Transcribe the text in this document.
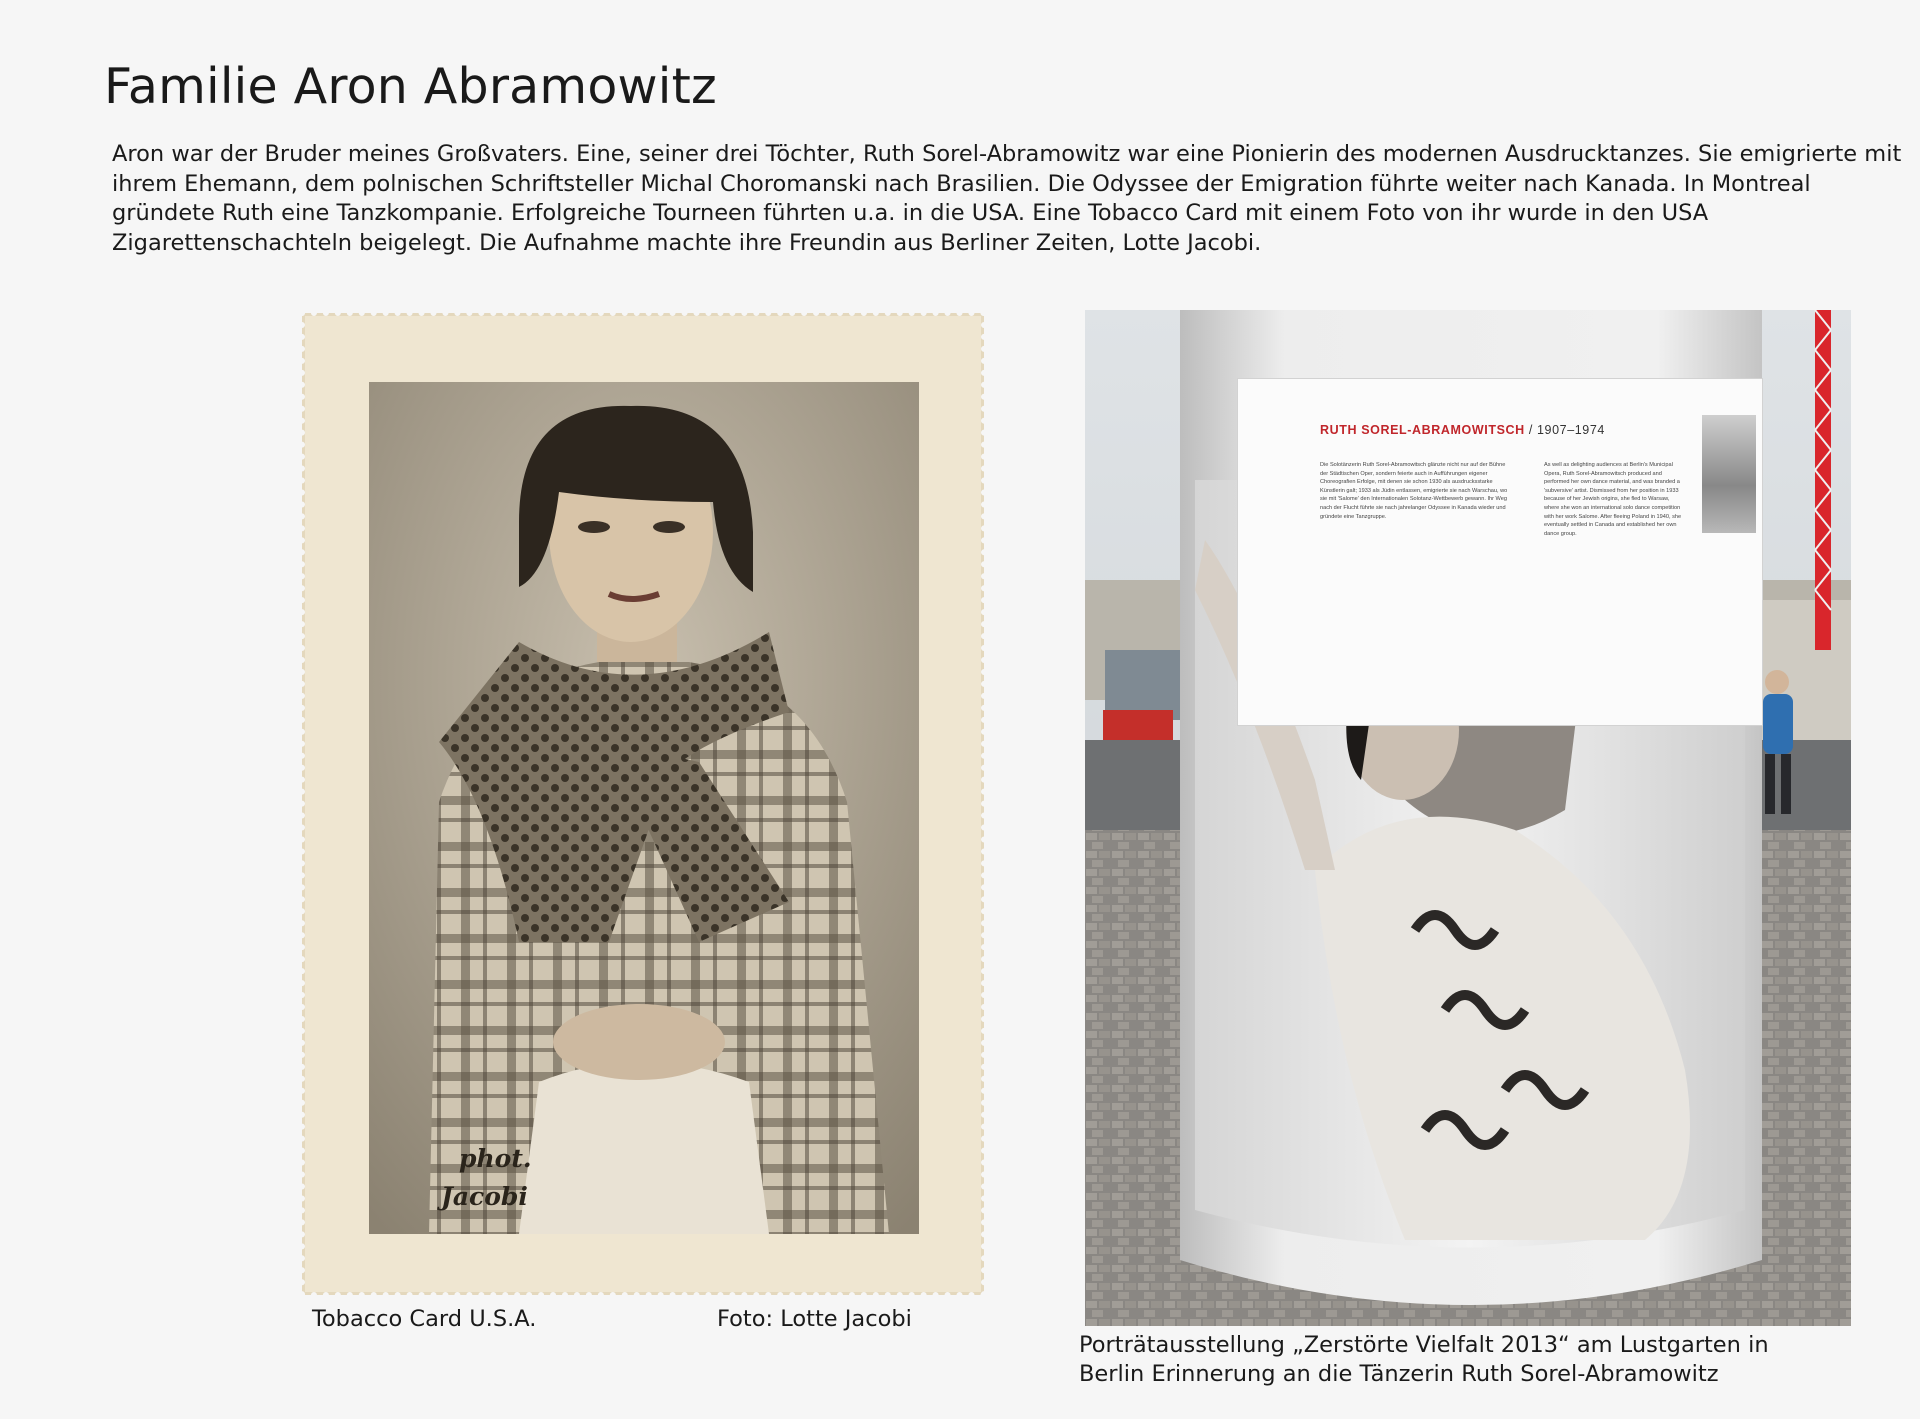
Familie Aron Abramowitz

Aron war der Bruder meines Großvaters. Eine, seiner drei Töchter, Ruth Sorel-Abramowitz war eine Pionierin des modernen Ausdrucktanzes. Sie emigrierte mit ihrem Ehemann, dem polnischen Schriftsteller Michal Choromanski nach Brasilien. Die Odyssee der Emigration führte weiter nach Kanada. In Montreal gründete Ruth eine Tanzkompanie. Erfolgreiche Tourneen führten u.a. in die USA. Eine Tobacco Card mit einem Foto von ihr wurde in den USA Zigarettenschachteln beigelegt. Die Aufnahme machte ihre Freundin aus Berliner Zeiten, Lotte Jacobi.

phot.
Jacobi
Tobacco Card U.S.A.	Foto: Lotte Jacobi
RUTH SOREL-ABRAMOWITSCH / 1907–1974
Die Solotänzerin Ruth Sorel-Abramowitsch glänzte nicht nur auf der Bühne der Städtischen Oper, sondern feierte auch in Aufführungen eigener Choreografien Erfolge, mit denen sie schon 1930 als ausdrucksstarke Künstlerin galt; 1933 als Jüdin entlassen, emigrierte sie nach Warschau, wo sie mit 'Salome' den Internationalen Solotanz-Wettbewerb gewann. Ihr Weg nach der Flucht führte sie nach jahrelanger Odyssee in Kanada wieder und gründete eine Tanzgruppe.
As well as delighting audiences at Berlin's Municipal Opera, Ruth Sorel-Abramowitsch produced and performed her own dance material, and was branded a 'subversive' artist. Dismissed from her position in 1933 because of her Jewish origins, she fled to Warsaw, where she won an international solo dance competition with her work Salome. After fleeing Poland in 1940, she eventually settled in Canada and established her own dance group.
Porträtausstellung „Zerstörte Vielfalt 2013“ am Lustgarten in Berlin Erinnerung an die Tänzerin Ruth Sorel-Abramowitz
